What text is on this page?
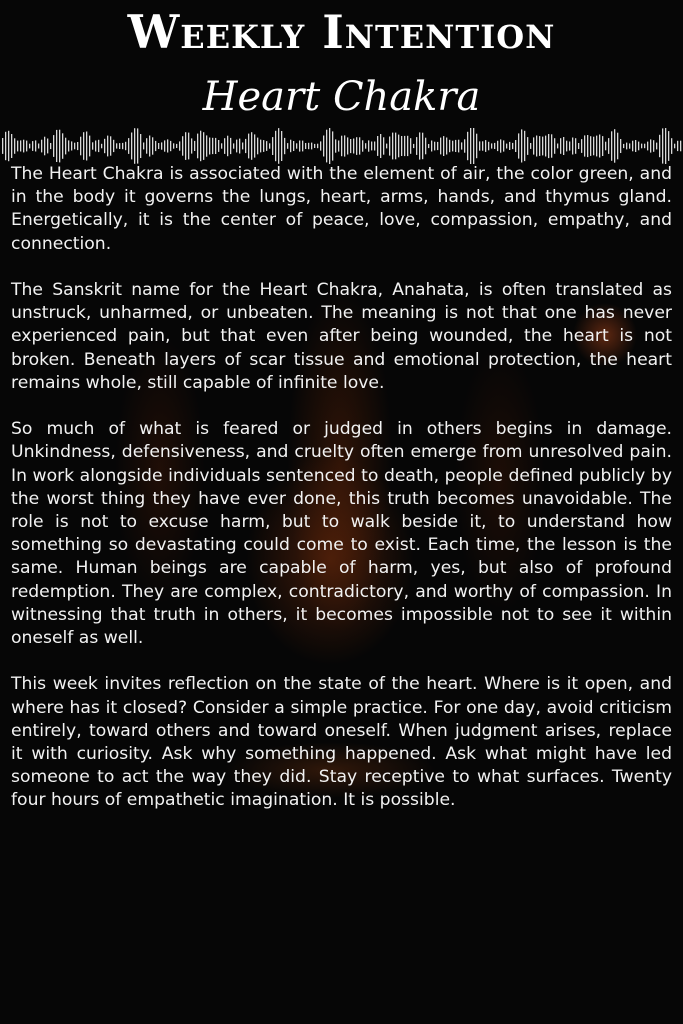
Weekly Intention
Heart Chakra

The Heart Chakra is associated with the element of air, the color green, and in the body it governs the lungs, heart, arms, hands, and thymus gland. Energetically, it is the center of peace, love, compassion, empathy, and connection.

The Sanskrit name for the Heart Chakra, Anahata, is often translated as unstruck, unharmed, or unbeaten. The meaning is not that one has never experienced pain, but that even after being wounded, the heart is not broken. Beneath layers of scar tissue and emotional protection, the heart remains whole, still capable of infinite love.

So much of what is feared or judged in others begins in damage. Unkindness, defensiveness, and cruelty often emerge from unresolved pain. In work alongside individuals sentenced to death, people defined publicly by the worst thing they have ever done, this truth becomes unavoidable. The role is not to excuse harm, but to walk beside it, to understand how something so devastating could come to exist. Each time, the lesson is the same. Human beings are capable of harm, yes, but also of profound redemption. They are complex, contradictory, and worthy of compassion. In witnessing that truth in others, it becomes impossible not to see it within oneself as well.

This week invites reflection on the state of the heart. Where is it open, and where has it closed? Consider a simple practice. For one day, avoid criticism entirely, toward others and toward oneself. When judgment arises, replace it with curiosity. Ask why something happened. Ask what might have led someone to act the way they did. Stay receptive to what surfaces. Twenty four hours of empathetic imagination. It is possible.
